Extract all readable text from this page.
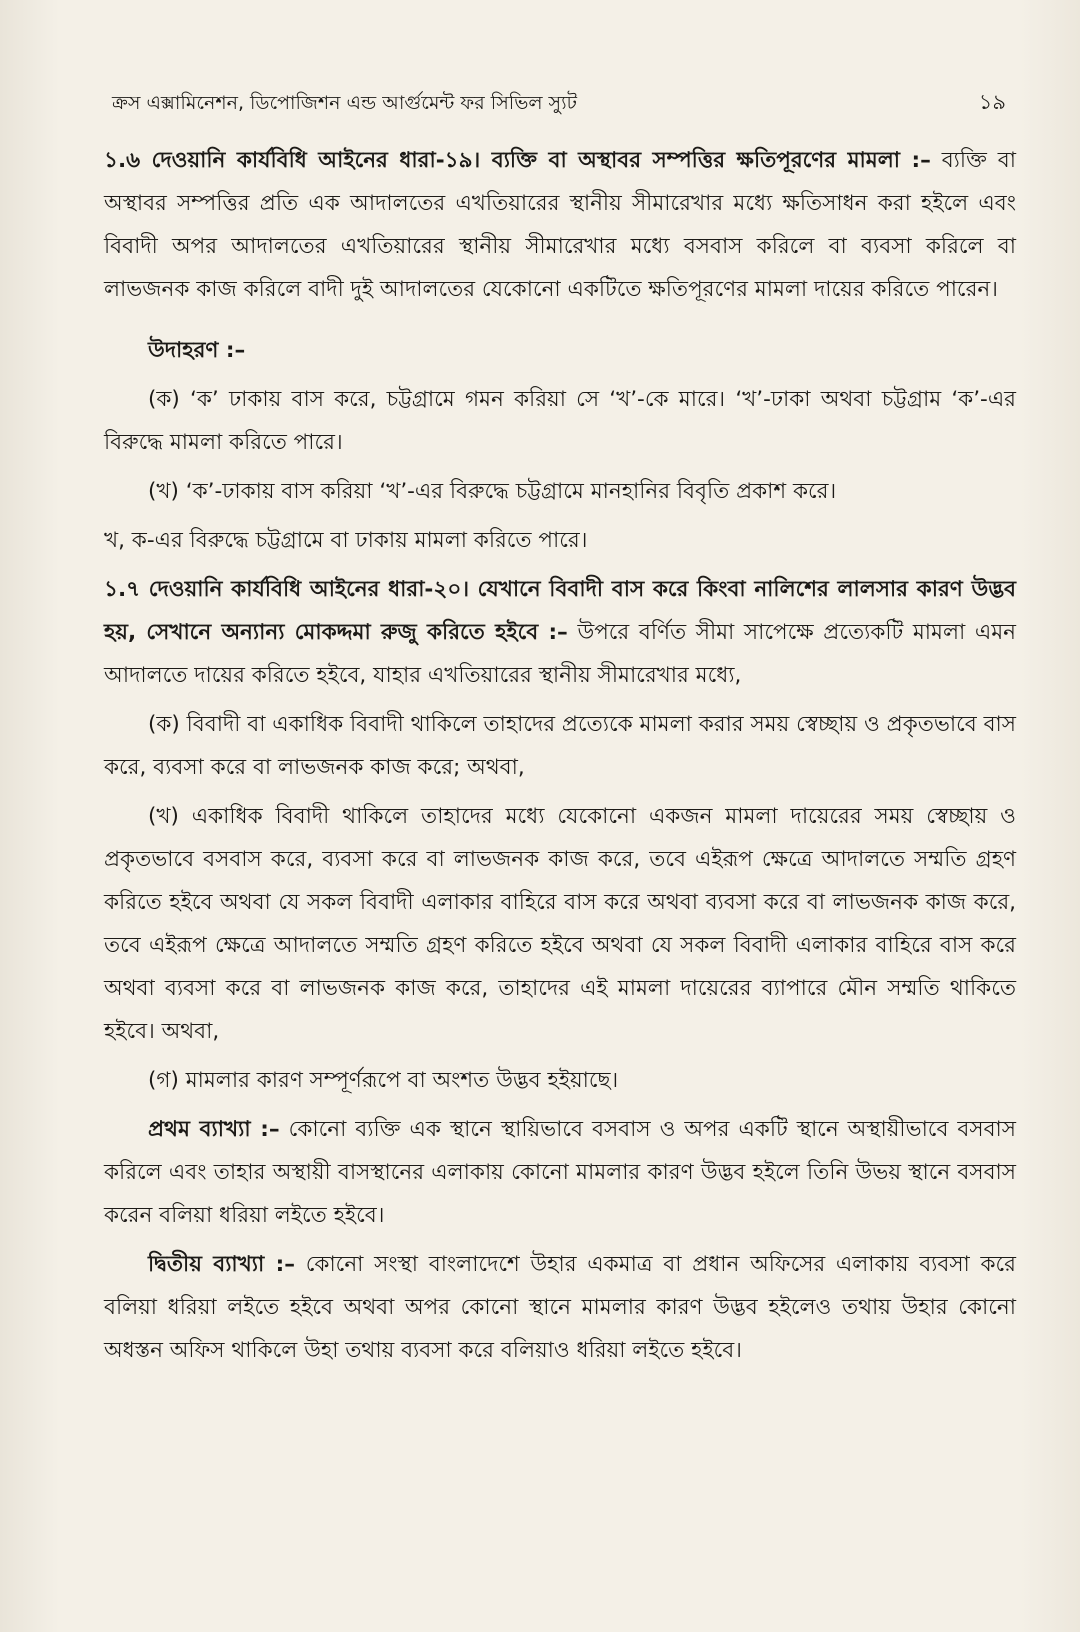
ক্রস এক্সামিনেশন, ডিপোজিশন এন্ড আর্গুমেন্ট ফর সিভিল স্যুট	১৯

১.৬ দেওয়ানি কার্যবিধি আইনের ধারা-১৯। ব্যক্তি বা অস্থাবর সম্পত্তির ক্ষতিপূরণের মামলা :– ব্যক্তি বা অস্থাবর সম্পত্তির প্রতি এক আদালতের এখতিয়ারের স্থানীয় সীমারেখার মধ্যে ক্ষতিসাধন করা হইলে এবং বিবাদী অপর আদালতের এখতিয়ারের স্থানীয় সীমারেখার মধ্যে বসবাস করিলে বা ব্যবসা করিলে বা লাভজনক কাজ করিলে বাদী দুই আদালতের যেকোনো একটিতে ক্ষতিপূরণের মামলা দায়ের করিতে পারেন।

উদাহরণ :–

(ক) ‘ক’ ঢাকায় বাস করে, চট্টগ্রামে গমন করিয়া সে ‘খ’-কে মারে। ‘খ’-ঢাকা অথবা চট্টগ্রাম ‘ক’-এর বিরুদ্ধে মামলা করিতে পারে।

(খ) ‘ক’-ঢাকায় বাস করিয়া ‘খ’-এর বিরুদ্ধে চট্টগ্রামে মানহানির বিবৃতি প্রকাশ করে।

খ, ক-এর বিরুদ্ধে চট্টগ্রামে বা ঢাকায় মামলা করিতে পারে।

১.৭ দেওয়ানি কার্যবিধি আইনের ধারা-২০। যেখানে বিবাদী বাস করে কিংবা নালিশের লালসার কারণ উদ্ভব হয়, সেখানে অন্যান্য মোকদ্দমা রুজু করিতে হইবে :– উপরে বর্ণিত সীমা সাপেক্ষে প্রত্যেকটি মামলা এমন আদালতে দায়ের করিতে হইবে, যাহার এখতিয়ারের স্থানীয় সীমারেখার মধ্যে,

(ক) বিবাদী বা একাধিক বিবাদী থাকিলে তাহাদের প্রত্যেকে মামলা করার সময় স্বেচ্ছায় ও প্রকৃতভাবে বাস করে, ব্যবসা করে বা লাভজনক কাজ করে; অথবা,

(খ) একাধিক বিবাদী থাকিলে তাহাদের মধ্যে যেকোনো একজন মামলা দায়েরের সময় স্বেচ্ছায় ও প্রকৃতভাবে বসবাস করে, ব্যবসা করে বা লাভজনক কাজ করে, তবে এইরূপ ক্ষেত্রে আদালতে সম্মতি গ্রহণ করিতে হইবে অথবা যে সকল বিবাদী এলাকার বাহিরে বাস করে অথবা ব্যবসা করে বা লাভজনক কাজ করে, তবে এইরূপ ক্ষেত্রে আদালতে সম্মতি গ্রহণ করিতে হইবে অথবা যে সকল বিবাদী এলাকার বাহিরে বাস করে অথবা ব্যবসা করে বা লাভজনক কাজ করে, তাহাদের এই মামলা দায়েরের ব্যাপারে মৌন সম্মতি থাকিতে হইবে। অথবা,

(গ) মামলার কারণ সম্পূর্ণরূপে বা অংশত উদ্ভব হইয়াছে।

প্রথম ব্যাখ্যা :– কোনো ব্যক্তি এক স্থানে স্থায়িভাবে বসবাস ও অপর একটি স্থানে অস্থায়ীভাবে বসবাস করিলে এবং তাহার অস্থায়ী বাসস্থানের এলাকায় কোনো মামলার কারণ উদ্ভব হইলে তিনি উভয় স্থানে বসবাস করেন বলিয়া ধরিয়া লইতে হইবে।

দ্বিতীয় ব্যাখ্যা :– কোনো সংস্থা বাংলাদেশে উহার একমাত্র বা প্রধান অফিসের এলাকায় ব্যবসা করে বলিয়া ধরিয়া লইতে হইবে অথবা অপর কোনো স্থানে মামলার কারণ উদ্ভব হইলেও তথায় উহার কোনো অধস্তন অফিস থাকিলে উহা তথায় ব্যবসা করে বলিয়াও ধরিয়া লইতে হইবে।
